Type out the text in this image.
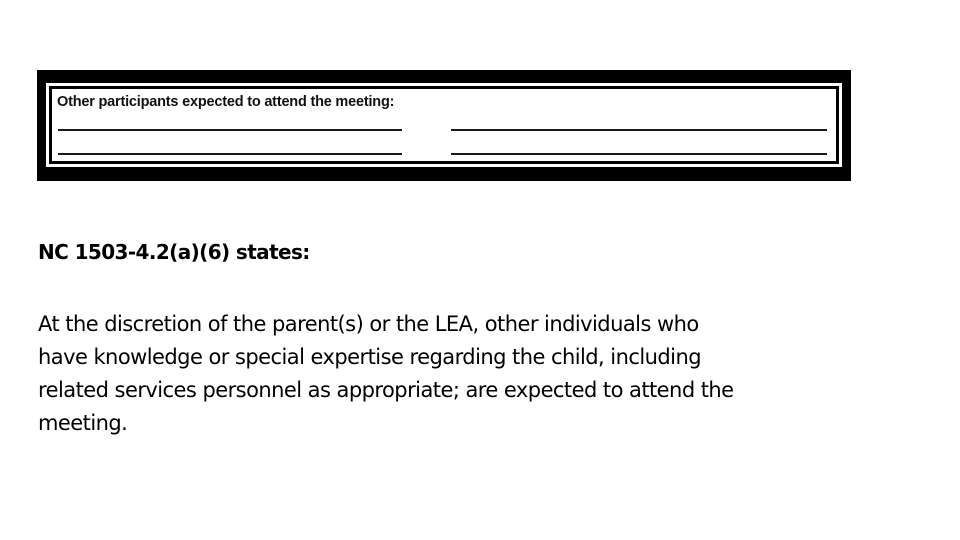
Other participants expected to attend the meeting:
NC 1503-4.2(a)(6) states:
At the discretion of the parent(s) or the LEA, other individuals who
have knowledge or special expertise regarding the child, including
related services personnel as appropriate; are expected to attend the
meeting.
